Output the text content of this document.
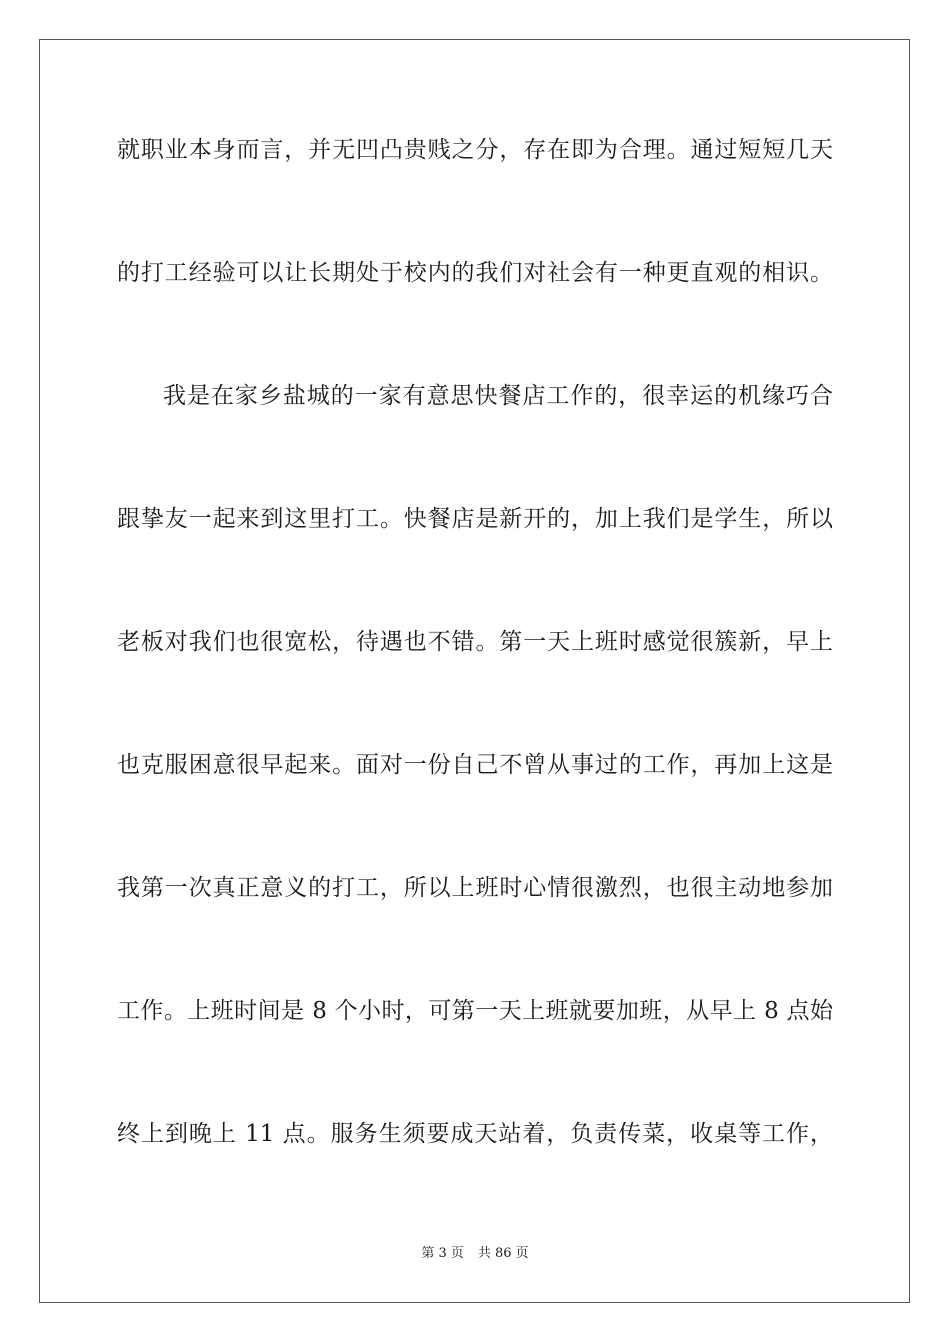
就职业本身而言，并无凹凸贵贱之分，存在即为合理。通过短短几天
的打工经验可以让长期处于校内的我们对社会有一种更直观的相识。
我是在家乡盐城的一家有意思快餐店工作的，很幸运的机缘巧合
跟挚友一起来到这里打工。快餐店是新开的，加上我们是学生，所以
老板对我们也很宽松，待遇也不错。第一天上班时感觉很簇新，早上
也克服困意很早起来。面对一份自己不曾从事过的工作，再加上这是
我第一次真正意义的打工，所以上班时心情很激烈，也很主动地参加
工作。上班时间是 8 个小时，可第一天上班就要加班，从早上 8 点始
终上到晚上 11 点。服务生须要成天站着，负责传菜，收桌等工作，
第 3 页 共 86 页
